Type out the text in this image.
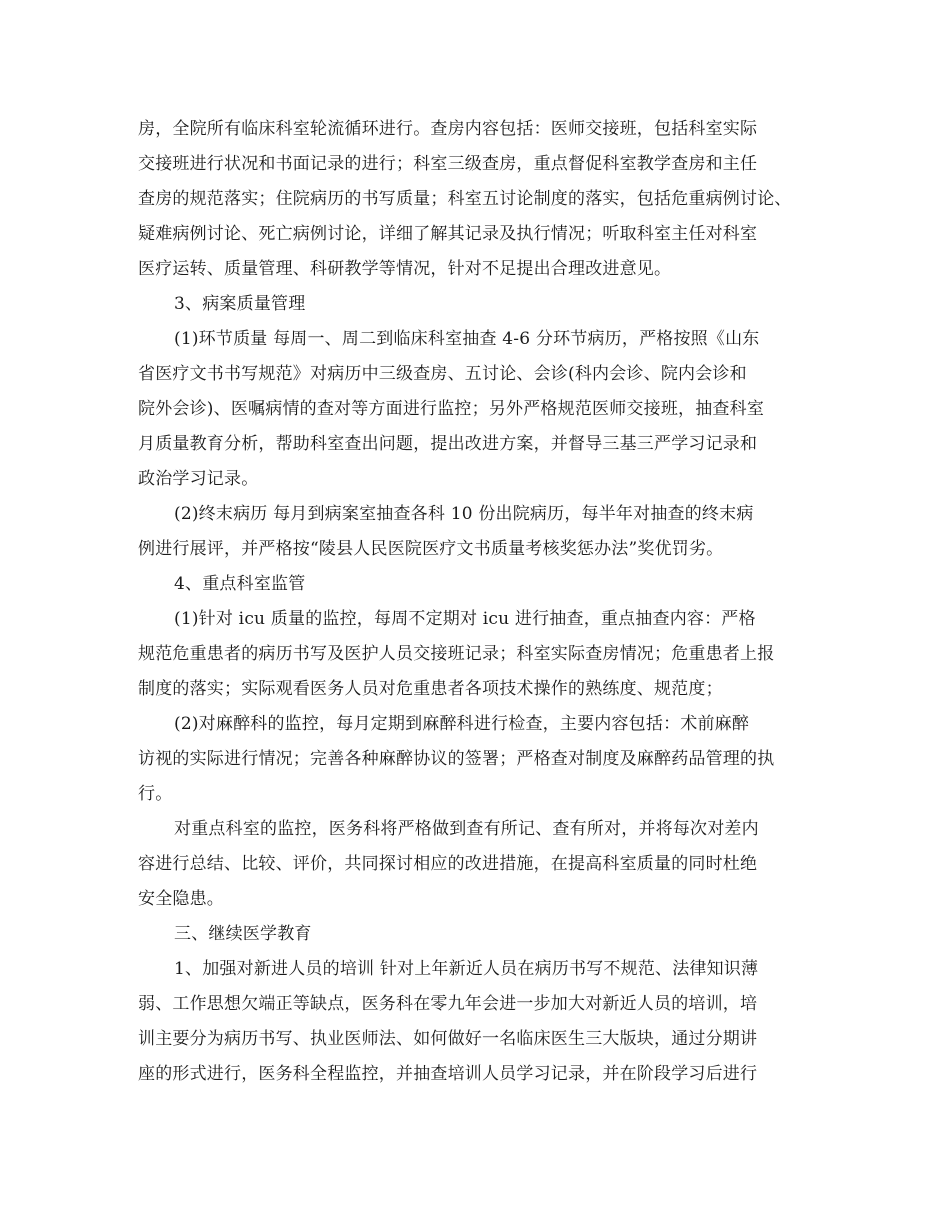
房，全院所有临床科室轮流循环进行。查房内容包括：医师交接班，包括科室实际
交接班进行状况和书面记录的进行；科室三级查房，重点督促科室教学查房和主任
查房的规范落实；住院病历的书写质量；科室五讨论制度的落实，包括危重病例讨论、
疑难病例讨论、死亡病例讨论，详细了解其记录及执行情况；听取科室主任对科室
医疗运转、质量管理、科研教学等情况，针对不足提出合理改进意见。
3、病案质量管理
(1)环节质量 每周一、周二到临床科室抽查 4-6 分环节病历，严格按照《山东
省医疗文书书写规范》对病历中三级查房、五讨论、会诊(科内会诊、院内会诊和
院外会诊)、医嘱病情的查对等方面进行监控；另外严格规范医师交接班，抽查科室
月质量教育分析，帮助科室查出问题，提出改进方案，并督导三基三严学习记录和
政治学习记录。
(2)终末病历 每月到病案室抽查各科 10 份出院病历，每半年对抽查的终末病
例进行展评，并严格按“陵县人民医院医疗文书质量考核奖惩办法”奖优罚劣。
4、重点科室监管
(1)针对 icu 质量的监控，每周不定期对 icu 进行抽查，重点抽查内容：严格
规范危重患者的病历书写及医护人员交接班记录；科室实际查房情况；危重患者上报
制度的落实；实际观看医务人员对危重患者各项技术操作的熟练度、规范度；
(2)对麻醉科的监控，每月定期到麻醉科进行检查，主要内容包括：术前麻醉
访视的实际进行情况；完善各种麻醉协议的签署；严格查对制度及麻醉药品管理的执
行。
对重点科室的监控，医务科将严格做到查有所记、查有所对，并将每次对差内
容进行总结、比较、评价，共同探讨相应的改进措施，在提高科室质量的同时杜绝
安全隐患。
三、继续医学教育
1、加强对新进人员的培训 针对上年新近人员在病历书写不规范、法律知识薄
弱、工作思想欠端正等缺点，医务科在零九年会进一步加大对新近人员的培训，培
训主要分为病历书写、执业医师法、如何做好一名临床医生三大版块，通过分期讲
座的形式进行，医务科全程监控，并抽查培训人员学习记录，并在阶段学习后进行
